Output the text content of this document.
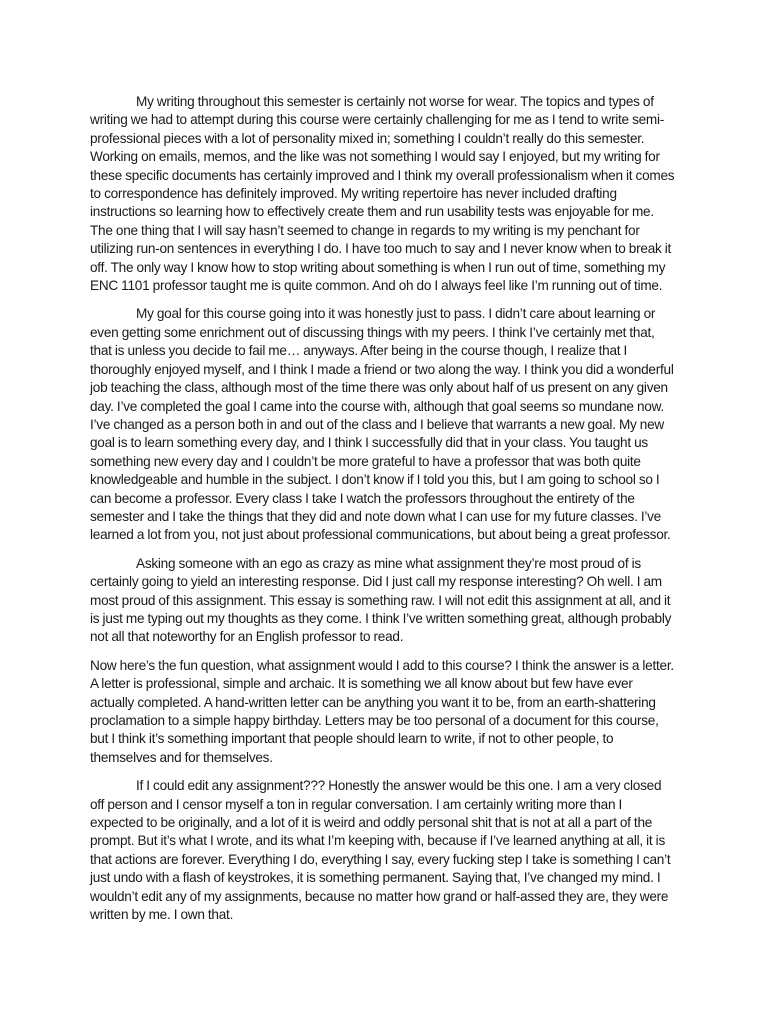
My writing throughout this semester is certainly not worse for wear. The topics and types of writing we had to attempt during this course were certainly challenging for me as I tend to write semi-professional pieces with a lot of personality mixed in; something I couldn’t really do this semester. Working on emails, memos, and the like was not something I would say I enjoyed, but my writing for these specific documents has certainly improved and I think my overall professionalism when it comes to correspondence has definitely improved. My writing repertoire has never included drafting instructions so learning how to effectively create them and run usability tests was enjoyable for me. The one thing that I will say hasn’t seemed to change in regards to my writing is my penchant for utilizing run-on sentences in everything I do. I have too much to say and I never know when to break it off. The only way I know how to stop writing about something is when I run out of time, something my ENC 1101 professor taught me is quite common. And oh do I always feel like I’m running out of time.

My goal for this course going into it was honestly just to pass. I didn’t care about learning or even getting some enrichment out of discussing things with my peers. I think I’ve certainly met that, that is unless you decide to fail me… anyways. After being in the course though, I realize that I thoroughly enjoyed myself, and I think I made a friend or two along the way. I think you did a wonderful job teaching the class, although most of the time there was only about half of us present on any given day. I’ve completed the goal I came into the course with, although that goal seems so mundane now. I’ve changed as a person both in and out of the class and I believe that warrants a new goal. My new goal is to learn something every day, and I think I successfully did that in your class. You taught us something new every day and I couldn’t be more grateful to have a professor that was both quite knowledgeable and humble in the subject. I don’t know if I told you this, but I am going to school so I can become a professor. Every class I take I watch the professors throughout the entirety of the semester and I take the things that they did and note down what I can use for my future classes. I’ve learned a lot from you, not just about professional communications, but about being a great professor.

Asking someone with an ego as crazy as mine what assignment they’re most proud of is certainly going to yield an interesting response. Did I just call my response interesting? Oh well. I am most proud of this assignment. This essay is something raw. I will not edit this assignment at all, and it is just me typing out my thoughts as they come. I think I’ve written something great, although probably not all that noteworthy for an English professor to read.

Now here’s the fun question, what assignment would I add to this course? I think the answer is a letter. A letter is professional, simple and archaic. It is something we all know about but few have ever actually completed. A hand-written letter can be anything you want it to be, from an earth-shattering proclamation to a simple happy birthday. Letters may be too personal of a document for this course, but I think it’s something important that people should learn to write, if not to other people, to themselves and for themselves.

If I could edit any assignment??? Honestly the answer would be this one. I am a very closed off person and I censor myself a ton in regular conversation. I am certainly writing more than I expected to be originally, and a lot of it is weird and oddly personal shit that is not at all a part of the prompt. But it’s what I wrote, and its what I’m keeping with, because if I’ve learned anything at all, it is that actions are forever. Everything I do, everything I say, every fucking step I take is something I can’t just undo with a flash of keystrokes, it is something permanent. Saying that, I’ve changed my mind. I wouldn’t edit any of my assignments, because no matter how grand or half-assed they are, they were written by me. I own that.
